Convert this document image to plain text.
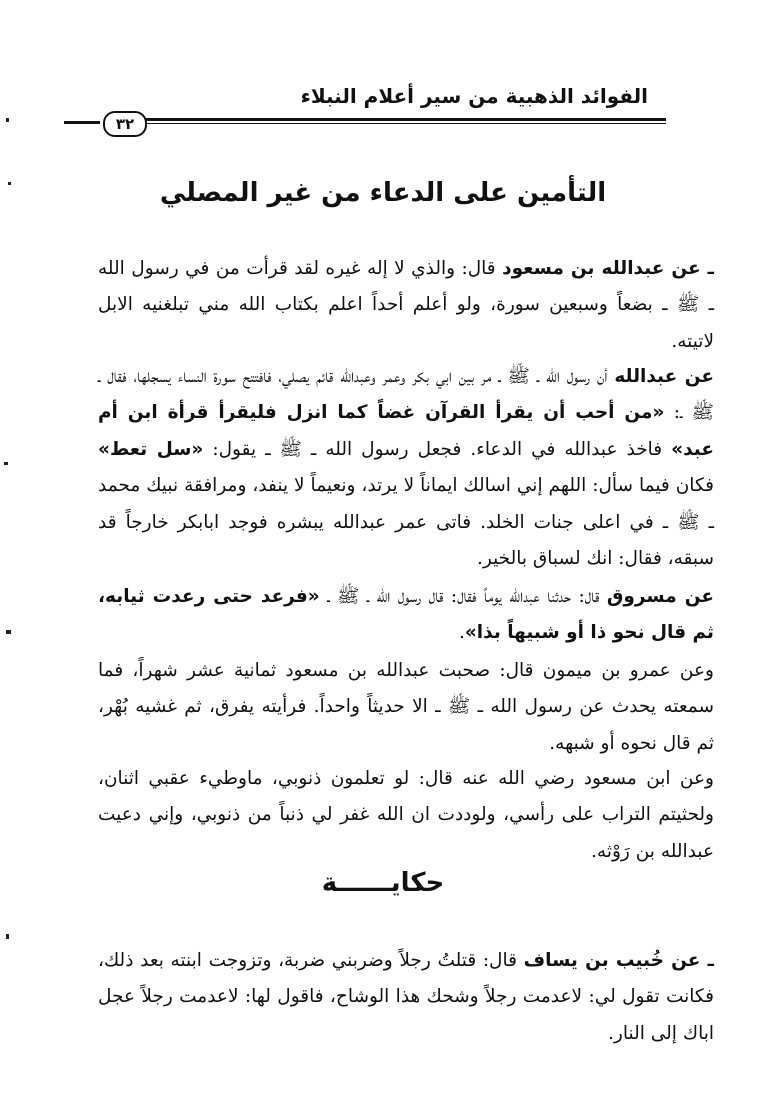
الفوائد الذهبية من سير أعلام النبلاء
٣٢
التأمين على الدعاء من غير المصلي

ـ عن عبدالله بن مسعود قال: والذي لا إله غيره لقد قرأت من في رسول الله ـ ﷺ ـ بضعاً وسبعين سورة، ولو أعلم أحداً اعلم بكتاب الله مني تبلغنيه الابل لاتيته.

عن عبدالله أن رسول الله ـ ﷺ ـ مر بين ابي بكر وعمر وعبدالله قائم يصلي، فافتتح سورة النساء يسجلها، فقال ـ ﷺ ـ: «من أحب أن يقرأ القرآن غضاً كما انزل فليقرأ قرأة ابن أم عبد» فاخذ عبدالله في الدعاء. فجعل رسول الله ـ ﷺ ـ يقول: «سل تعط» فكان فيما سأل: اللهم إني اسالك ايماناً لا يرتد، ونعيماً لا ينفد، ومرافقة نبيك محمد ـ ﷺ ـ في اعلى جنات الخلد. فاتى عمر عبدالله يبشره فوجد ابابكر خارجاً قد سبقه، فقال: انك لسباق بالخير.

عن مسروق قال: حدثنا عبدالله يوماً فقال: قال رسول الله ـ ﷺ ـ «فرعد حتى رعدت ثيابه، ثم قال نحو ذا أو شبيهاً بذا».

وعن عمرو بن ميمون قال: صحبت عبدالله بن مسعود ثمانية عشر شهراً، فما سمعته يحدث عن رسول الله ـ ﷺ ـ الا حديثاً واحداً. فرأيته يفرق، ثم غشيه بُهْر، ثم قال نحوه أو شبهه.

وعن ابن مسعود رضي الله عنه قال: لو تعلمون ذنوبي، ماوطيء عقبي اثنان، ولحثيتم التراب على رأسي، ولوددت ان الله غفر لي ذنباً من ذنوبي، وإني دعيت عبدالله بن رَوْثه.

حكايــــــة

ـ عن خُبيب بن يساف قال: قتلتُ رجلاً وضربني ضربة، وتزوجت ابنته بعد ذلك، فكانت تقول لي: لاعدمت رجلاً وشحك هذا الوشاح، فاقول لها: لاعدمت رجلاً عجل اباك إلى النار.
